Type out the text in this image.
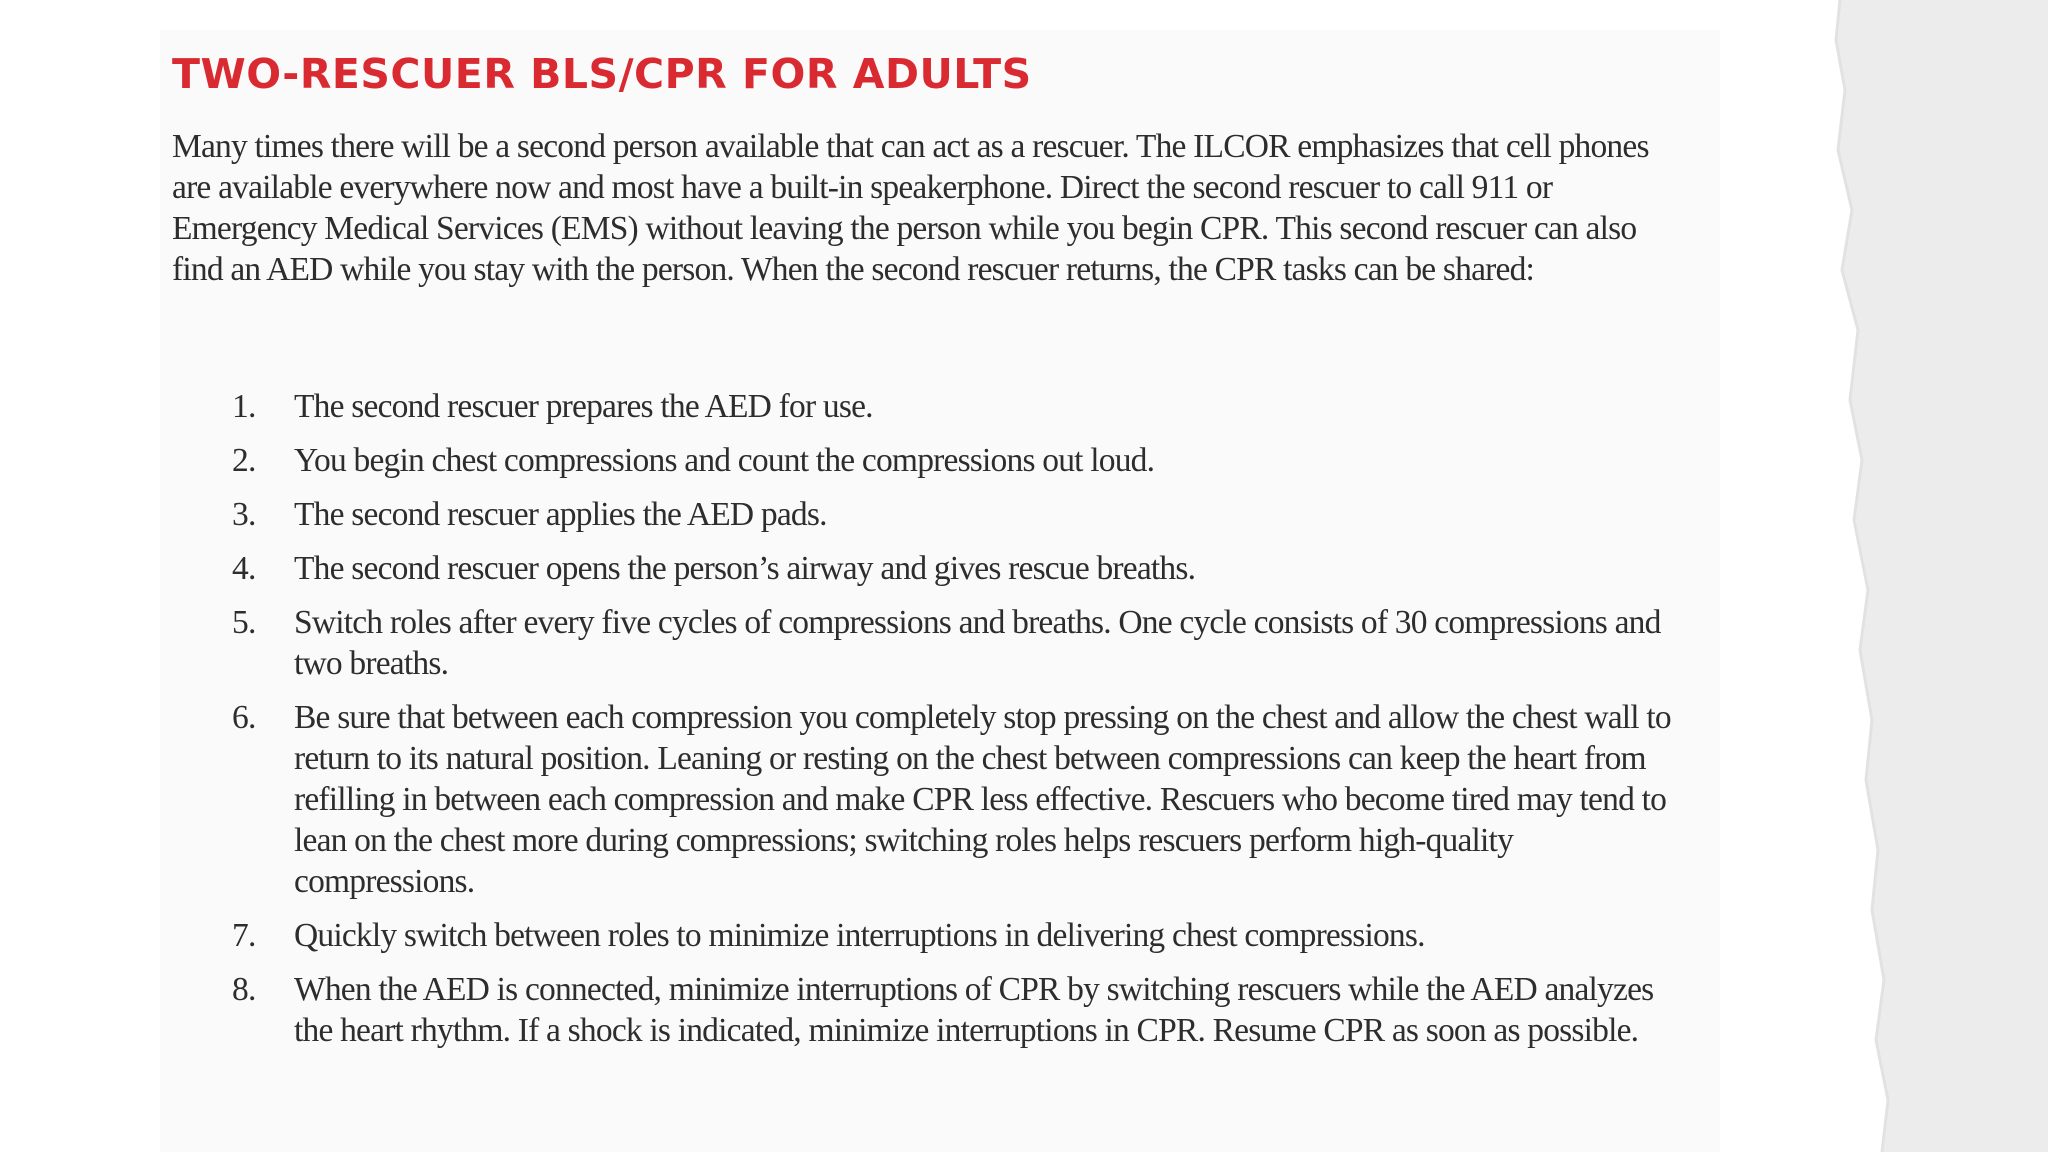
TWO-RESCUER BLS/CPR FOR ADULTS

Many times there will be a second person available that can act as a rescuer. The ILCOR emphasizes that cell phones are available everywhere now and most have a built-in speakerphone. Direct the second rescuer to call 911 or Emergency Medical Services (EMS) without leaving the person while you begin CPR. This second rescuer can also find an AED while you stay with the person. When the second rescuer returns, the CPR tasks can be shared:

1.	The second rescuer prepares the AED for use.
2.	You begin chest compressions and count the compressions out loud.
3.	The second rescuer applies the AED pads.
4.	The second rescuer opens the person’s airway and gives rescue breaths.
5.	Switch roles after every five cycles of compressions and breaths. One cycle consists of 30 compressions and two breaths.
6.	Be sure that between each compression you completely stop pressing on the chest and allow the chest wall to return to its natural position. Leaning or resting on the chest between compressions can keep the heart from refilling in between each compression and make CPR less effective. Rescuers who become tired may tend to lean on the chest more during compressions; switching roles helps rescuers perform high-quality compressions.
7.	Quickly switch between roles to minimize interruptions in delivering chest compressions.
8.	When the AED is connected, minimize interruptions of CPR by switching rescuers while the AED analyzes the heart rhythm. If a shock is indicated, minimize interruptions in CPR. Resume CPR as soon as possible.
